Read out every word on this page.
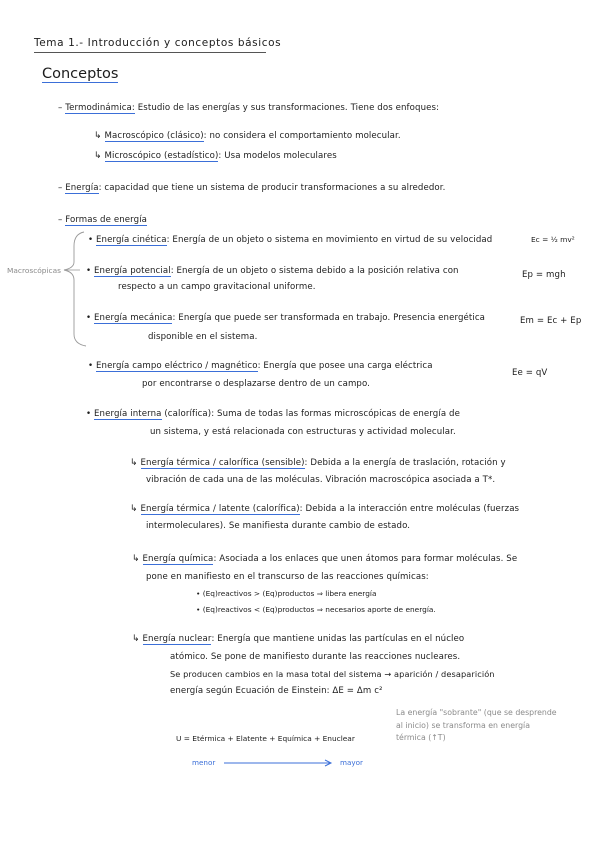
Tema 1.- Introducción y conceptos básicos
Conceptos
– Termodinámica: Estudio de las energías y sus transformaciones. Tiene dos enfoques:
↳ Macroscópico (clásico): no considera el comportamiento molecular.
↳ Microscópico (estadístico): Usa modelos moleculares
– Energía: capacidad que tiene un sistema de producir transformaciones a su alrededor.
– Formas de energía
Macroscópicas
• Energía cinética: Energía de un objeto o sistema en movimiento en virtud de su velocidad	Ec = ½ mv²
• Energía potencial: Energía de un objeto o sistema debido a la posición relativa con	Ep = mgh
respecto a un campo gravitacional uniforme.
• Energía mecánica: Energía que puede ser transformada en trabajo. Presencia energética	Em = Ec + Ep
disponible en el sistema.
• Energía campo eléctrico / magnético: Energía que posee una carga eléctrica
Ee = qV
por encontrarse o desplazarse dentro de un campo.
• Energía interna (calorífica): Suma de todas las formas microscópicas de energía de
un sistema, y está relacionada con estructuras y actividad molecular.
↳ Energía térmica / calorífica (sensible): Debida a la energía de traslación, rotación y
vibración de cada una de las moléculas. Vibración macroscópica asociada a T*.
↳ Energía térmica / latente (calorífica): Debida a la interacción entre moléculas (fuerzas
intermoleculares). Se manifiesta durante cambio de estado.
↳ Energía química: Asociada a los enlaces que unen átomos para formar moléculas. Se
pone en manifiesto en el transcurso de las reacciones químicas:
• (Eq)reactivos > (Eq)productos ⇒ libera energía
• (Eq)reactivos < (Eq)productos ⇒ necesarios aporte de energía.
↳ Energía nuclear: Energía que mantiene unidas las partículas en el núcleo
atómico. Se pone de manifiesto durante las reacciones nucleares.
Se producen cambios en la masa total del sistema → aparición / desaparición
energía según Ecuación de Einstein: ΔE = Δm c²
La energía "sobrante" (que se desprende al inicio) se transforma en energía térmica (↑T)
U = Etérmica + Elatente + Equímica + Enuclear
menor	mayor
